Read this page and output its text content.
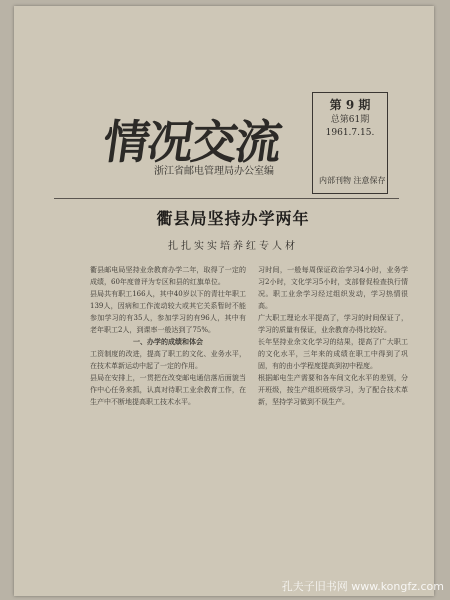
情况交流
浙江省邮电管理局办公室编
第 9 期
总第61期
1961.7.15.
内部刊物 注意保存
衢县局坚持办学两年
扎扎实实培养红专人材

衢县邮电局坚持业余教育办学二年，取得了一定的成绩，60年度曾评为专区和县的红旗单位。

县局共有职工166人，其中40岁以下的青壮年职工139人，因病和工作流动较大或其它关系暂时不能参加学习的有35人，参加学习的有96人，其中有老年职工2人，到课率一般达到了75%。

一、办学的成绩和体会

工资制度的改进，提高了职工的文化、业务水平，在技术革新运动中起了一定的作用。

县局在安排上，一贯把在改变邮电通信落后面貌当作中心任务来抓，认真对待职工业余教育工作，在生产中不断地提高职工技术水平。

习时间，一般每周保证政治学习4小时，业务学习2小时，文化学习5小时，支部督促检查执行情况。职工业余学习经过组织发动，学习热情很高。

广大职工理论水平提高了，学习的时间保证了，学习的质量有保证，业余教育办得比较好。

长年坚持业余文化学习的结果，提高了广大职工的文化水平，三年来的成绩在职工中得到了巩固，有的由小学程度提高到初中程度。

根据邮电生产需要和各车间文化水平的差别，分开班级，按生产组织班级学习，为了配合技术革新，坚持学习做到不误生产。

孔夫子旧书网 www.kongfz.com
